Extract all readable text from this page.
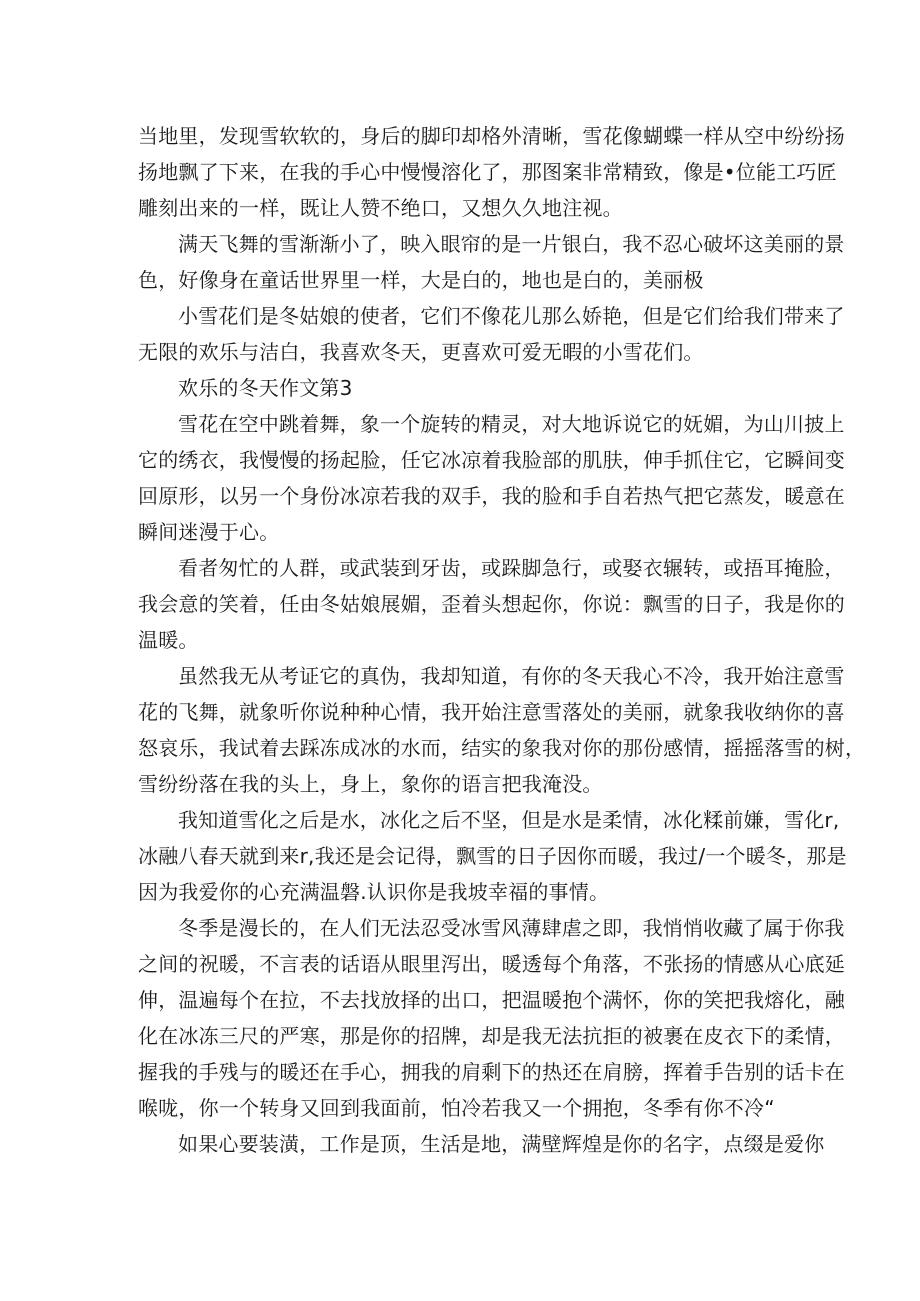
当地里，发现雪软软的，身后的脚印却格外清晰，雪花像蝴蝶一样从空中纷纷扬
扬地飘了下来，在我的手心中慢慢溶化了，那图案非常精致，像是•位能工巧匠
雕刻出来的一样，既让人赞不绝口，又想久久地注视。

满天飞舞的雪渐渐小了，映入眼帘的是一片银白，我不忍心破坏这美丽的景
色，好像身在童话世界里一样，大是白的，地也是白的，美丽极

小雪花们是冬姑娘的使者，它们不像花儿那么娇艳，但是它们给我们带来了
无限的欢乐与洁白，我喜欢冬天，更喜欢可爱无暇的小雪花们。

欢乐的冬天作文第3

雪花在空中跳着舞，象一个旋转的精灵，对大地诉说它的妩媚，为山川披上
它的绣衣，我慢慢的扬起脸，任它冰凉着我脸部的肌肤，伸手抓住它，它瞬间变
回原形，以另一个身份冰凉若我的双手，我的脸和手自若热气把它蒸发，暖意在
瞬间迷漫于心。

看者匆忙的人群，或武装到牙齿，或跺脚急行，或娶衣辗转，或捂耳掩脸，
我会意的笑着，任由冬姑娘展媚，歪着头想起你，你说：飘雪的日子，我是你的
温暖。

虽然我无从考证它的真伪，我却知道，有你的冬天我心不冷，我开始注意雪
花的飞舞，就象听你说种种心情，我开始注意雪落处的美丽，就象我收纳你的喜
怒哀乐，我试着去踩冻成冰的水而，结实的象我对你的那份感情，摇摇落雪的树，
雪纷纷落在我的头上，身上，象你的语言把我淹没。

我知道雪化之后是水，冰化之后不坚，但是水是柔情，冰化糅前嫌，雪化r,
冰融八春天就到来r,我还是会记得，飘雪的日子因你而暖，我过/一个暖冬，那是
因为我爱你的心充满温磐.认识你是我坡幸福的事情。

冬季是漫长的，在人们无法忍受冰雪风薄肆虐之即，我悄悄收藏了属于你我
之间的祝暖，不言表的话语从眼里泻出，暖透每个角落，不张扬的情感从心底延
伸，温遍每个在拉，不去找放择的出口，把温暖抱个满怀，你的笑把我熔化，融
化在冰冻三尺的严寒，那是你的招牌，却是我无法抗拒的被裹在皮衣下的柔情，
握我的手残与的暖还在手心，拥我的肩剩下的热还在肩膀，挥着手告别的话卡在
喉咙，你一个转身又回到我面前，怕冷若我又一个拥抱，冬季有你不冷“

如果心要装潢，工作是顶，生活是地，满壁辉煌是你的名字，点缀是爱你
